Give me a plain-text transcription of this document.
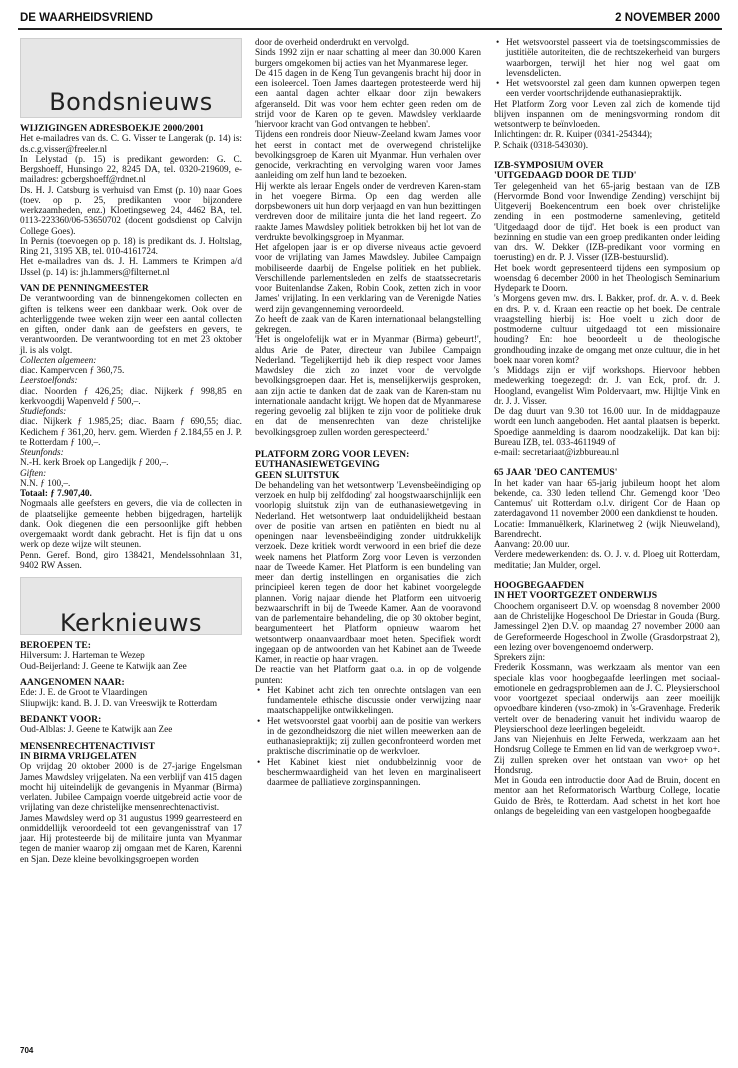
DE WAARHEIDSVRIEND	2 NOVEMBER 2000
Bondsnieuws
WIJZIGINGEN ADRESBOEKJE 2000/2001

Het e-mailadres van ds. C. G. Visser te Langerak (p. 14) is: ds.c.g.visser@freeler.nl

In Lelystad (p. 15) is predikant geworden: G. C. Bergshoeff, Hunsingo 22, 8245 DA, tel. 0320-219609, e-mailadres: gcbergshoeff@rdnet.nl

Ds. H. J. Catsburg is verhuisd van Emst (p. 10) naar Goes (toev. op p. 25, predikanten voor bijzondere werkzaamheden, enz.) Kloetingseweg 24, 4462 BA, tel. 0113-223360/06-53650702 (docent godsdienst op Calvijn College Goes).

In Pernis (toevoegen op p. 18) is predikant ds. J. Holtslag, Ring 21, 3195 XB, tel. 010-4161724.

Het e-mailadres van ds. J. H. Lammers te Krimpen a/d IJssel (p. 14) is: jh.lammers@filternet.nl

VAN DE PENNINGMEESTER

De verantwoording van de binnengekomen collecten en giften is telkens weer een dankbaar werk. Ook over de achterliggende twee weken zijn weer een aantal collecten en giften, onder dank aan de geefsters en gevers, te verantwoorden. De verantwoording tot en met 23 oktober jl. is als volgt.

Collecten algemeen:

diac. Kampervcen ƒ 360,75.

Leerstoelfonds:

diac. Noorden ƒ 426,25; diac. Nijkerk ƒ 998,85 en kerkvoogdij Wapenveld ƒ 500,–.

Studiefonds:

diac. Nijkerk ƒ 1.985,25; diac. Baarn ƒ 690,55; diac. Kedichem ƒ 361,20, herv. gem. Wierden ƒ 2.184,55 en J. P. te Rotterdam ƒ 100,–.

Steunfonds:

N.-H. kerk Broek op Langedijk ƒ 200,–.

Giften:

N.N. ƒ 100,–.

Totaal: ƒ 7.907,40.

Nogmaals alle geefsters en gevers, die via de collecten in de plaatselijke gemeente hebben bijgedragen, hartelijk dank. Ook diegenen die een persoonlijke gift hebben overgemaakt wordt dank gebracht. Het is fijn dat u ons werk op deze wijze wilt steunen.

Penn. Geref. Bond, giro 138421, Mendelssohnlaan 31, 9402 RW Assen.

Kerknieuws
BEROEPEN TE:

Hilversum: J. Harteman te Wezep
Oud-Beijerland: J. Geene te Katwijk aan Zee

AANGENOMEN NAAR:

Ede: J. E. de Groot te Vlaardingen
Sliupwijk: kand. B. J. D. van Vreeswijk te Rotterdam

BEDANKT VOOR:

Oud-Alblas: J. Geene te Katwijk aan Zee

MENSENRECHTENACTIVIST
IN BIRMA VRIJGELATEN

Op vrijdag 20 oktober 2000 is de 27-jarige Engelsman James Mawdsley vrijgelaten. Na een verblijf van 415 dagen mocht hij uiteindelijk de gevangenis in Myanmar (Birma) verlaten. Jubilee Campaign voerde uitgebreid actie voor de vrijlating van deze christelijke mensenrechtenactivist.

James Mawdsley werd op 31 augustus 1999 gearresteerd en onmiddellijk veroordeeld tot een gevangenisstraf van 17 jaar. Hij protesteerde bij de militaire junta van Myanmar tegen de manier waarop zij omgaan met de Karen, Karenni en Sjan. Deze kleine bevolkingsgroepen worden

door de overheid onderdrukt en vervolgd.

Sinds 1992 zijn er naar schatting al meer dan 30.000 Karen burgers omgekomen bij acties van het Myanmarese leger.

De 415 dagen in de Keng Tun gevangenis bracht hij door in een isoleercel. Toen James daartegen protesteerde werd hij een aantal dagen achter elkaar door zijn bewakers afgeranseld. Dit was voor hem echter geen reden om de strijd voor de Karen op te geven. Mawdsley verklaarde 'hiervoor kracht van God ontvangen te hebben'.

Tijdens een rondreis door Nieuw-Zeeland kwam James voor het eerst in contact met de overwegend christelijke bevolkingsgroep de Karen uit Myanmar. Hun verhalen over genocide, verkrachting en vervolging waren voor James aanleiding om zelf hun land te bezoeken.

Hij werkte als leraar Engels onder de verdreven Karen-stam in het voegere Birma. Op een dag werden alle dorpsbewoners uit hun dorp verjaagd en van hun bezittingen verdreven door de militaire junta die het land regeert. Zo raakte James Mawdsley politiek betrokken bij het lot van de verdrukte bevolkingsgroep in Myanmar.

Het afgelopen jaar is er op diverse niveaus actie gevoerd voor de vrijlating van James Mawdsley. Jubilee Campaign mobiliseerde daarbij de Engelse politiek en het publiek. Verschillende parlementsleden en zelfs de staatssecretaris voor Buitenlandse Zaken, Robin Cook, zetten zich in voor James' vrijlating. In een verklaring van de Verenigde Naties werd zijn gevangenneming veroordeeld.

Zo heeft de zaak van de Karen internationaal belangstelling gekregen.

'Het is ongelofelijk wat er in Myanmar (Birma) gebeurt!', aldus Arie de Pater, directeur van Jubilee Campaign Nederland. 'Tegelijkertijd heb ik diep respect voor James Mawdsley die zich zo inzet voor de vervolgde bevolkingsgroepen daar. Het is, menselijkerwijs gesproken, aan zijn actie te danken dat de zaak van de Karen-stam nu internationale aandacht krijgt. We hopen dat de Myanmarese regering gevoelig zal blijken te zijn voor de politieke druk en dat de mensenrechten van deze christelijke bevolkingsgroep zullen worden gerespecteerd.'

PLATFORM ZORG VOOR LEVEN:
EUTHANASIEWETGEVING
GEEN SLUITSTUK

De behandeling van het wetsontwerp 'Levensbeëindiging op verzoek en hulp bij zelfdoding' zal hoogstwaarschijnlijk een voorlopig sluitstuk zijn van de euthanasiewetgeving in Nederland. Het wetsontwerp laat onduidelijkheid bestaan over de positie van artsen en patiënten en biedt nu al openingen naar levensbeëindiging zonder uitdrukkelijk verzoek. Deze kritiek wordt verwoord in een brief die deze week namens het Platform Zorg voor Leven is verzonden naar de Tweede Kamer. Het Platform is een bundeling van meer dan dertig instellingen en organisaties die zich principieel keren tegen de door het kabinet voorgelegde plannen. Vorig najaar diende het Platform een uitvoerig bezwaarschrift in bij de Tweede Kamer. Aan de vooravond van de parlementaire behandeling, die op 30 oktober begint, beargumenteert het Platform opnieuw waarom het wetsontwerp onaanvaardbaar moet heten. Specifiek wordt ingegaan op de antwoorden van het Kabinet aan de Tweede Kamer, in reactie op haar vragen.

De reactie van het Platform gaat o.a. in op de volgende punten:

• Het Kabinet acht zich ten onrechte ontslagen van een fundamentele ethische discussie onder verwijzing naar maatschappelijke ontwikkelingen.
• Het wetsvoorstel gaat voorbij aan de positie van werkers in de gezondheidszorg die niet willen meewerken aan de euthanasiepraktijk; zij zullen geconfronteerd worden met praktische discriminatie op de werkvloer.
• Het Kabinet kiest niet ondubbelzinnig voor de beschermwaardigheid van het leven en marginaliseert daarmee de palliatieve zorginspanningen.
• Het wetsvoorstel passeert via de toetsingscommissies de justitiële autoriteiten, die de rechtszekerheid van burgers waarborgen, terwijl het hier nog wel gaat om levensdelicten.
• Het wetsvoorstel zal geen dam kunnen opwerpen tegen een verder voortschrijdende euthanasiepraktijk.

Het Platform Zorg voor Leven zal zich de komende tijd blijven inspannen om de meningsvorming rondom dit wetsontwerp te beïnvloeden.

Inlichtingen: dr. R. Kuiper (0341-254344);
P. Schaik (0318-543030).

IZB-SYMPOSIUM OVER
'UITGEDAAGD DOOR DE TIJD'

Ter gelegenheid van het 65-jarig bestaan van de IZB (Hervormde Bond voor Inwendige Zending) verschijnt bij Uitgeverij Boekencentrum een boek over christelijke zending in een postmoderne samenleving, getiteld 'Uitgedaagd door de tijd'. Het boek is een product van bezinning en studie van een groep predikanten onder leiding van drs. W. Dekker (IZB-predikant voor vorming en toerusting) en dr. P. J. Visser (IZB-bestuurslid).

Het boek wordt gepresenteerd tijdens een symposium op woensdag 6 december 2000 in het Theologisch Seminarium Hydepark te Doorn.

's Morgens geven mw. drs. I. Bakker, prof. dr. A. v. d. Beek en drs. P. v. d. Kraan een reactie op het boek. De centrale vraagstelling hierbij is: Hoe voelt u zich door de postmoderne cultuur uitgedaagd tot een missionaire houding? En: hoe beoordeelt u de theologische grondhouding inzake de omgang met onze cultuur, die in het boek naar voren komt?

's Middags zijn er vijf workshops. Hiervoor hebben medewerking toegezegd: dr. J. van Eck, prof. dr. J. Hoogland, evangelist Wim Poldervaart, mw. Hijltje Vink en dr. J. J. Visser.

De dag duurt van 9.30 tot 16.00 uur. In de middagpauze wordt een lunch aangeboden. Het aantal plaatsen is beperkt. Spoedige aanmelding is daarom noodzakelijk. Dat kan bij: Bureau IZB, tel. 033-4611949 of
e-mail: secretariaat@izbbureau.nl

65 JAAR 'DEO CANTEMUS'

In het kader van haar 65-jarig jubileum hoopt het alom bekende, ca. 330 leden tellend Chr. Gemengd koor 'Deo Cantemus' uit Rotterdam o.l.v. dirigent Cor de Haan op zaterdagavond 11 november 2000 een dankdienst te houden.

Locatie: Immanuëlkerk, Klarinetweg 2 (wijk Nieuweland), Barendrecht.

Aanvang: 20.00 uur.

Verdere medewerkenden: ds. O. J. v. d. Ploeg uit Rotterdam, meditatie; Jan Mulder, orgel.

HOOGBEGAAFDEN
IN HET VOORTGEZET ONDERWIJS

Choochem organiseert D.V. op woensdag 8 november 2000 aan de Christelijke Hogeschool De Driestar in Gouda (Burg. Jamessingel 2)en D.V. op maandag 27 november 2000 aan de Gereformeerde Hogeschool in Zwolle (Grasdorpstraat 2), een lezing over bovengenoemd onderwerp.

Sprekers zijn:

Frederik Kossmann, was werkzaam als mentor van een speciale klas voor hoogbegaafde leerlingen met sociaal-emotionele en gedragsproblemen aan de J. C. Pleysierschool voor voortgezet speciaal onderwijs aan zeer moeilijk opvoedbare kinderen (vso-zmok) in 's-Gravenhage. Frederik vertelt over de benadering vanuit het individu waarop de Pleysierschool deze leerlingen begeleidt.

Jans van Niejenhuis en Jelte Ferweda, werkzaam aan het Hondsrug College te Emmen en lid van de werkgroep vwo+. Zij zullen spreken over het ontstaan van vwo+ op het Hondsrug.

Met in Gouda een introductie door Aad de Bruin, docent en mentor aan het Reformatorisch Wartburg College, locatie Guido de Brès, te Rotterdam. Aad schetst in het kort hoe onlangs de begeleiding van een vastgelopen hoogbegaafde

704
